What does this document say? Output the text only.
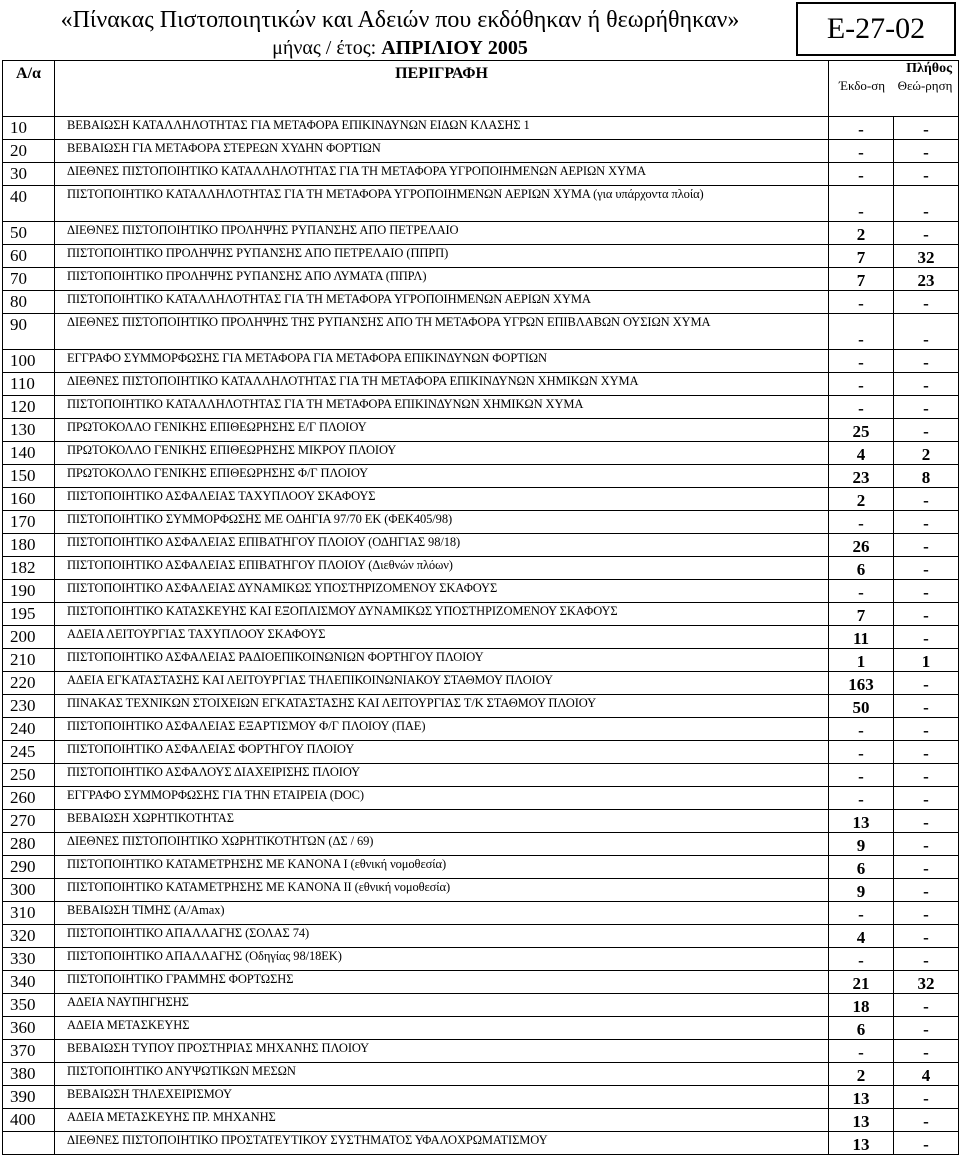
«Πίνακας Πιστοποιητικών και Αδειών που εκδόθηκαν ή θεωρήθηκαν»
μήνας / έτος: ΑΠΡΙΛΙΟΥ 2005
Ε-27-02
Α/α	ΠΕΡΙΓΡΑΦΗ	Πλήθος
Έκδο-ση Θεώ-ρηση	

10	ΒΕΒΑΙΩΣΗ ΚΑΤΑΛΛΗΛΟΤΗΤΑΣ ΓΙΑ ΜΕΤΑΦΟΡΑ ΕΠΙΚΙΝΔΥΝΩΝ ΕΙΔΩΝ ΚΛΑΣΗΣ 1	-	-
20	ΒΕΒΑΙΩΣΗ ΓΙΑ ΜΕΤΑΦΟΡΑ ΣΤΕΡΕΩΝ ΧΥΔΗΝ ΦΟΡΤΙΩΝ	-	-
30	ΔΙΕΘΝΕΣ ΠΙΣΤΟΠΟΙΗΤΙΚΟ ΚΑΤΑΛΛΗΛΟΤΗΤΑΣ ΓΙΑ ΤΗ ΜΕΤΑΦΟΡΑ ΥΓΡΟΠΟΙΗΜΕΝΩΝ ΑΕΡΙΩΝ ΧΥΜΑ	-	-
40	ΠΙΣΤΟΠΟΙΗΤΙΚΟ ΚΑΤΑΛΛΗΛΟΤΗΤΑΣ ΓΙΑ ΤΗ ΜΕΤΑΦΟΡΑ ΥΓΡΟΠΟΙΗΜΕΝΩΝ ΑΕΡΙΩΝ ΧΥΜΑ (για υπάρχοντα πλοία)	-	-
50	ΔΙΕΘΝΕΣ ΠΙΣΤΟΠΟΙΗΤΙΚΟ ΠΡΟΛΗΨΗΣ ΡΥΠΑΝΣΗΣ ΑΠΟ ΠΕΤΡΕΛΑΙΟ	2	-
60	ΠΙΣΤΟΠΟΙΗΤΙΚΟ ΠΡΟΛΗΨΗΣ ΡΥΠΑΝΣΗΣ ΑΠΟ ΠΕΤΡΕΛΑΙΟ (ΠΠΡΠ)	7	32
70	ΠΙΣΤΟΠΟΙΗΤΙΚΟ ΠΡΟΛΗΨΗΣ ΡΥΠΑΝΣΗΣ ΑΠΟ ΛΥΜΑΤΑ (ΠΠΡΛ)	7	23
80	ΠΙΣΤΟΠΟΙΗΤΙΚΟ ΚΑΤΑΛΛΗΛΟΤΗΤΑΣ ΓΙΑ ΤΗ ΜΕΤΑΦΟΡΑ ΥΓΡΟΠΟΙΗΜΕΝΩΝ ΑΕΡΙΩΝ ΧΥΜΑ	-	-
90	ΔΙΕΘΝΕΣ ΠΙΣΤΟΠΟΙΗΤΙΚΟ ΠΡΟΛΗΨΗΣ ΤΗΣ ΡΥΠΑΝΣΗΣ ΑΠΟ ΤΗ ΜΕΤΑΦΟΡΑ ΥΓΡΩΝ ΕΠΙΒΛΑΒΩΝ ΟΥΣΙΩΝ ΧΥΜΑ	-	-
100	ΕΓΓΡΑΦΟ ΣΥΜΜΟΡΦΩΣΗΣ ΓΙΑ ΜΕΤΑΦΟΡΑ ΓΙΑ ΜΕΤΑΦΟΡΑ ΕΠΙΚΙΝΔΥΝΩΝ ΦΟΡΤΙΩΝ	-	-
110	ΔΙΕΘΝΕΣ ΠΙΣΤΟΠΟΙΗΤΙΚΟ ΚΑΤΑΛΛΗΛΟΤΗΤΑΣ ΓΙΑ ΤΗ ΜΕΤΑΦΟΡΑ ΕΠΙΚΙΝΔΥΝΩΝ ΧΗΜΙΚΩΝ ΧΥΜΑ	-	-
120	ΠΙΣΤΟΠΟΙΗΤΙΚΟ ΚΑΤΑΛΛΗΛΟΤΗΤΑΣ ΓΙΑ ΤΗ ΜΕΤΑΦΟΡΑ ΕΠΙΚΙΝΔΥΝΩΝ ΧΗΜΙΚΩΝ ΧΥΜΑ	-	-
130	ΠΡΩΤΟΚΟΛΛΟ ΓΕΝΙΚΗΣ ΕΠΙΘΕΩΡΗΣΗΣ Ε/Γ ΠΛΟΙΟΥ	25	-
140	ΠΡΩΤΟΚΟΛΛΟ ΓΕΝΙΚΗΣ ΕΠΙΘΕΩΡΗΣΗΣ ΜΙΚΡΟΥ ΠΛΟΙΟΥ	4	2
150	ΠΡΩΤΟΚΟΛΛΟ ΓΕΝΙΚΗΣ ΕΠΙΘΕΩΡΗΣΗΣ Φ/Γ ΠΛΟΙΟΥ	23	8
160	ΠΙΣΤΟΠΟΙΗΤΙΚΟ ΑΣΦΑΛΕΙΑΣ ΤΑΧΥΠΛΟΟΥ ΣΚΑΦΟΥΣ	2	-
170	ΠΙΣΤΟΠΟΙΗΤΙΚΟ ΣΥΜΜΟΡΦΩΣΗΣ ΜΕ ΟΔΗΓΙΑ 97/70 ΕΚ (ΦΕΚ405/98)	-	-
180	ΠΙΣΤΟΠΟΙΗΤΙΚΟ ΑΣΦΑΛΕΙΑΣ ΕΠΙΒΑΤΗΓΟΥ ΠΛΟΙΟΥ (ΟΔΗΓΙΑΣ 98/18)	26	-
182	ΠΙΣΤΟΠΟΙΗΤΙΚΟ ΑΣΦΑΛΕΙΑΣ ΕΠΙΒΑΤΗΓΟΥ ΠΛΟΙΟΥ (Διεθνών πλόων)	6	-
190	ΠΙΣΤΟΠΟΙΗΤΙΚΟ ΑΣΦΑΛΕΙΑΣ ΔΥΝΑΜΙΚΩΣ ΥΠΟΣΤΗΡΙΖΟΜΕΝΟΥ ΣΚΑΦΟΥΣ	-	-
195	ΠΙΣΤΟΠΟΙΗΤΙΚΟ ΚΑΤΑΣΚΕΥΗΣ ΚΑΙ ΕΞΟΠΛΙΣΜΟΥ ΔΥΝΑΜΙΚΩΣ ΥΠΟΣΤΗΡΙΖΟΜΕΝΟΥ ΣΚΑΦΟΥΣ	7	-
200	ΑΔΕΙΑ ΛΕΙΤΟΥΡΓΙΑΣ ΤΑΧΥΠΛΟΟΥ ΣΚΑΦΟΥΣ	11	-
210	ΠΙΣΤΟΠΟΙΗΤΙΚΟ ΑΣΦΑΛΕΙΑΣ ΡΑΔΙΟΕΠΙΚΟΙΝΩΝΙΩΝ ΦΟΡΤΗΓΟΥ ΠΛΟΙΟΥ	1	1
220	ΑΔΕΙΑ ΕΓΚΑΤΑΣΤΑΣΗΣ ΚΑΙ ΛΕΙΤΟΥΡΓΙΑΣ ΤΗΛΕΠΙΚΟΙΝΩΝΙΑΚΟΥ ΣΤΑΘΜΟΥ ΠΛΟΙΟΥ	163	-
230	ΠΙΝΑΚΑΣ ΤΕΧΝΙΚΩΝ ΣΤΟΙΧΕΙΩΝ ΕΓΚΑΤΑΣΤΑΣΗΣ ΚΑΙ ΛΕΙΤΟΥΡΓΙΑΣ Τ/Κ ΣΤΑΘΜΟΥ ΠΛΟΙΟΥ	50	-
240	ΠΙΣΤΟΠΟΙΗΤΙΚΟ ΑΣΦΑΛΕΙΑΣ ΕΞΑΡΤΙΣΜΟΥ Φ/Γ ΠΛΟΙΟΥ (ΠΑΕ)	-	-
245	ΠΙΣΤΟΠΟΙΗΤΙΚΟ ΑΣΦΑΛΕΙΑΣ ΦΟΡΤΗΓΟΥ ΠΛΟΙΟΥ	-	-
250	ΠΙΣΤΟΠΟΙΗΤΙΚΟ ΑΣΦΑΛΟΥΣ ΔΙΑΧΕΙΡΙΣΗΣ ΠΛΟΙΟΥ	-	-
260	ΕΓΓΡΑΦΟ ΣΥΜΜΟΡΦΩΣΗΣ ΓΙΑ ΤΗΝ ΕΤΑΙΡΕΙΑ (DOC)	-	-
270	ΒΕΒΑΙΩΣΗ ΧΩΡΗΤΙΚΟΤΗΤΑΣ	13	-
280	ΔΙΕΘΝΕΣ ΠΙΣΤΟΠΟΙΗΤΙΚΟ ΧΩΡΗΤΙΚΟΤΗΤΩΝ (ΔΣ / 69)	9	-
290	ΠΙΣΤΟΠΟΙΗΤΙΚΟ ΚΑΤΑΜΕΤΡΗΣΗΣ ΜΕ ΚΑΝΟΝΑ Ι (εθνική νομοθεσία)	6	-
300	ΠΙΣΤΟΠΟΙΗΤΙΚΟ ΚΑΤΑΜΕΤΡΗΣΗΣ ΜΕ ΚΑΝΟΝΑ ΙΙ (εθνική νομοθεσία)	9	-
310	ΒΕΒΑΙΩΣΗ ΤΙΜΗΣ (Α/Αmax)	-	-
320	ΠΙΣΤΟΠΟΙΗΤΙΚΟ ΑΠΑΛΛΑΓΗΣ (ΣΟΛΑΣ 74)	4	-
330	ΠΙΣΤΟΠΟΙΗΤΙΚΟ ΑΠΑΛΛΑΓΗΣ (Οδηγίας 98/18ΕΚ)	-	-
340	ΠΙΣΤΟΠΟΙΗΤΙΚΟ ΓΡΑΜΜΗΣ ΦΟΡΤΩΣΗΣ	21	32
350	ΑΔΕΙΑ ΝΑΥΠΗΓΗΣΗΣ	18	-
360	ΑΔΕΙΑ ΜΕΤΑΣΚΕΥΗΣ	6	-
370	ΒΕΒΑΙΩΣΗ ΤΥΠΟΥ ΠΡΟΣΤΗΡΙΑΣ ΜΗΧΑΝΗΣ ΠΛΟΙΟΥ	-	-
380	ΠΙΣΤΟΠΟΙΗΤΙΚΟ ΑΝΥΨΩΤΙΚΩΝ ΜΕΣΩΝ	2	4
390	ΒΕΒΑΙΩΣΗ ΤΗΛΕΧΕΙΡΙΣΜΟΥ	13	-
400	ΑΔΕΙΑ ΜΕΤΑΣΚΕΥΗΣ ΠΡ. ΜΗΧΑΝΗΣ	13	-
	ΔΙΕΘΝΕΣ ΠΙΣΤΟΠΟΙΗΤΙΚΟ ΠΡΟΣΤΑΤΕΥΤΙΚΟΥ ΣΥΣΤΗΜΑΤΟΣ ΥΦΑΛΟΧΡΩΜΑΤΙΣΜΟΥ	13	-
